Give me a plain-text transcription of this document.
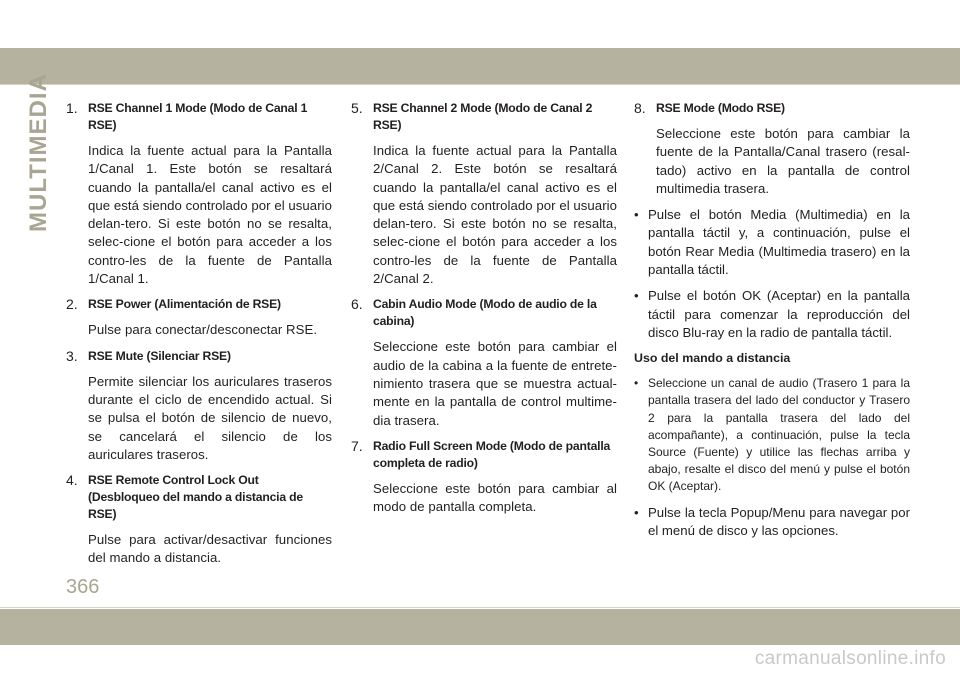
MULTIMEDIA 1. RSE Channel 1 Mode (Modo de Canal 1 RSE)
Indica la fuente actual para la Pantalla 1/Canal 1. Este botón se resaltará cuando la pantalla/el canal activo es el que está siendo controlado por el usuario delan-tero. Si este botón no se resalta, selec-cione el botón para acceder a los contro-les de la fuente de Pantalla 1/Canal 1.
2. RSE Power (Alimentación de RSE)
Pulse para conectar/desconectar RSE.
3. RSE Mute (Silenciar RSE)
Permite silenciar los auriculares traseros durante el ciclo de encendido actual. Si se pulsa el botón de silencio de nuevo, se cancelará el silencio de los auriculares traseros.
4. RSE Remote Control Lock Out (Desbloqueo del mando a distancia de RSE)
Pulse para activar/desactivar funciones del mando a distancia.
5. RSE Channel 2 Mode (Modo de Canal 2 RSE)
Indica la fuente actual para la Pantalla 2/Canal 2. Este botón se resaltará cuando la pantalla/el canal activo es el que está siendo controlado por el usuario delan-tero. Si este botón no se resalta, selec-cione el botón para acceder a los contro-les de la fuente de Pantalla 2/Canal 2.
6. Cabin Audio Mode (Modo de audio de la cabina)
Seleccione este botón para cambiar el audio de la cabina a la fuente de entrete-nimiento trasera que se muestra actual-mente en la pantalla de control multime-dia trasera.
7. Radio Full Screen Mode (Modo de pantalla completa de radio)
Seleccione este botón para cambiar al modo de pantalla completa.
8. RSE Mode (Modo RSE)
Seleccione este botón para cambiar la fuente de la Pantalla/Canal trasero (resal-tado) activo en la pantalla de control multimedia trasera.
• Pulse el botón Media (Multimedia) en la pantalla táctil y, a continuación, pulse el botón Rear Media (Multimedia trasero) en la pantalla táctil.
• Pulse el botón OK (Aceptar) en la pantalla táctil para comenzar la reproducción del disco Blu-ray en la radio de pantalla táctil.
Uso del mando a distancia
• Seleccione un canal de audio (Trasero 1 para la pantalla trasera del lado del conductor y Trasero 2 para la pantalla trasera del lado del acompañante), a continuación, pulse la tecla Source (Fuente) y utilice las flechas arriba y abajo, resalte el disco del menú y pulse el botón OK (Aceptar).
• Pulse la tecla Popup/Menu para navegar por el menú de disco y las opciones.
366
carmanualsonline.info
